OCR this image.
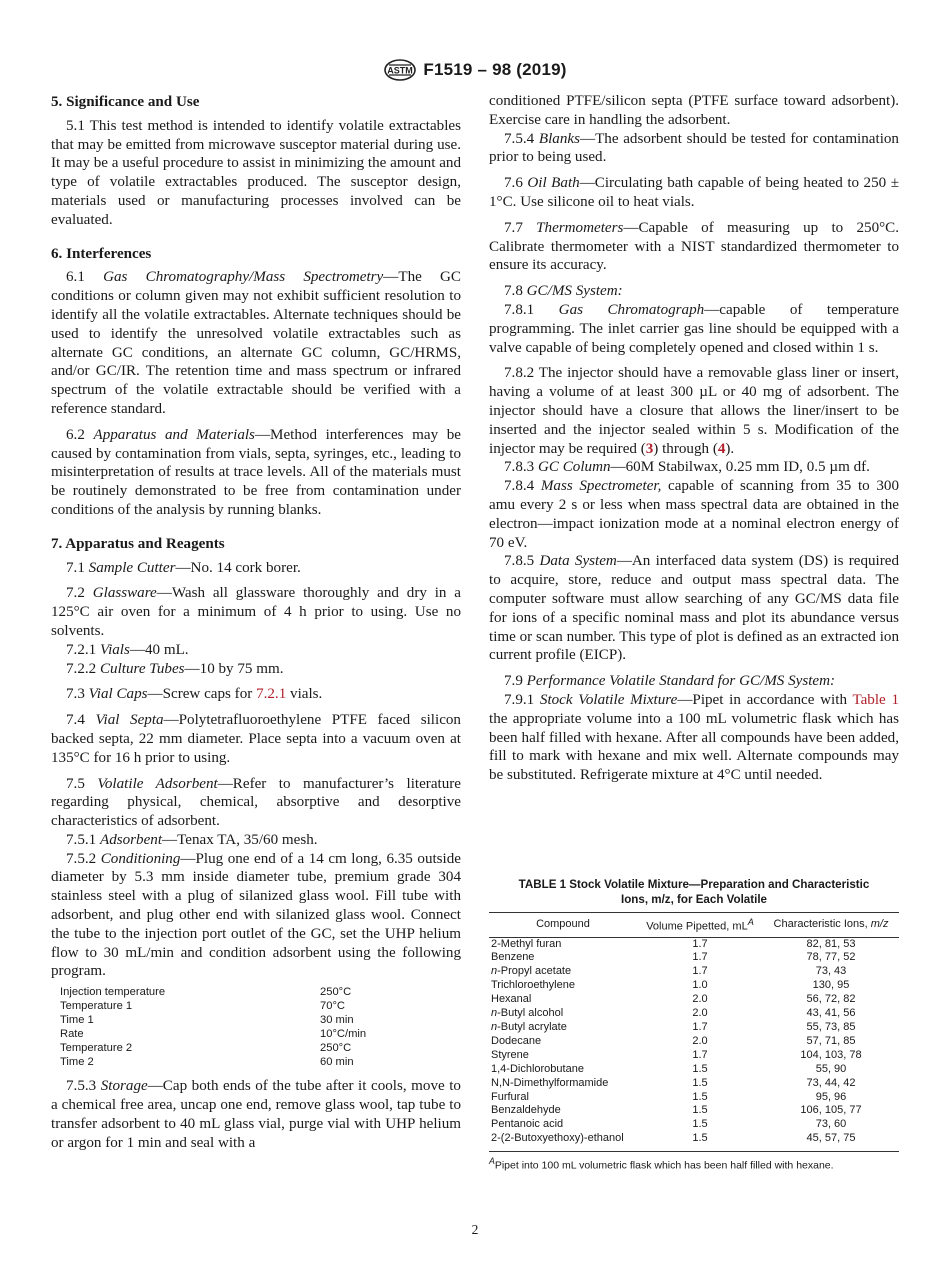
ASTM F1519 – 98 (2019)
5. Significance and Use

5.1 This test method is intended to identify volatile extractables that may be emitted from microwave susceptor material during use. It may be a useful procedure to assist in minimizing the amount and type of volatile extractables produced. The susceptor design, materials used or manufacturing processes involved can be evaluated.

6. Interferences

6.1 Gas Chromatography/Mass Spectrometry—The GC conditions or column given may not exhibit sufficient resolution to identify all the volatile extractables. Alternate techniques should be used to identify the unresolved volatile extractables such as alternate GC conditions, an alternate GC column, GC/HRMS, and/or GC/IR. The retention time and mass spectrum or infrared spectrum of the volatile extractable should be verified with a reference standard.

6.2 Apparatus and Materials—Method interferences may be caused by contamination from vials, septa, syringes, etc., leading to misinterpretation of results at trace levels. All of the materials must be routinely demonstrated to be free from contamination under conditions of the analysis by running blanks.

7. Apparatus and Reagents

7.1 Sample Cutter—No. 14 cork borer.

7.2 Glassware—Wash all glassware thoroughly and dry in a 125°C air oven for a minimum of 4 h prior to using. Use no solvents.

7.2.1 Vials—40 mL.

7.2.2 Culture Tubes—10 by 75 mm.

7.3 Vial Caps—Screw caps for 7.2.1 vials.

7.4 Vial Septa—Polytetrafluoroethylene PTFE faced silicon backed septa, 22 mm diameter. Place septa into a vacuum oven at 135°C for 16 h prior to using.

7.5 Volatile Adsorbent—Refer to manufacturer’s literature regarding physical, chemical, absorptive and desorptive characteristics of adsorbent.

7.5.1 Adsorbent—Tenax TA, 35/60 mesh.

7.5.2 Conditioning—Plug one end of a 14 cm long, 6.35 outside diameter by 5.3 mm inside diameter tube, premium grade 304 stainless steel with a plug of silanized glass wool. Fill tube with adsorbent, and plug other end with silanized glass wool. Connect the tube to the injection port outlet of the GC, set the UHP helium flow to 30 mL/min and condition adsorbent using the following program.

Injection temperature	250°C
Temperature 1	70°C
Time 1	30 min
Rate	10°C/min
Temperature 2	250°C
Time 2	60 min

7.5.3 Storage—Cap both ends of the tube after it cools, move to a chemical free area, uncap one end, remove glass wool, tap tube to transfer adsorbent to 40 mL glass vial, purge vial with UHP helium or argon for 1 min and seal with a

conditioned PTFE/silicon septa (PTFE surface toward adsorbent). Exercise care in handling the adsorbent.

7.5.4 Blanks—The adsorbent should be tested for contamination prior to being used.

7.6 Oil Bath—Circulating bath capable of being heated to 250 ± 1°C. Use silicone oil to heat vials.

7.7 Thermometers—Capable of measuring up to 250°C. Calibrate thermometer with a NIST standardized thermometer to ensure its accuracy.

7.8 GC/MS System:

7.8.1 Gas Chromatograph—capable of temperature programming. The inlet carrier gas line should be equipped with a valve capable of being completely opened and closed within 1 s.

7.8.2 The injector should have a removable glass liner or insert, having a volume of at least 300 µL or 40 mg of adsorbent. The injector should have a closure that allows the liner/insert to be inserted and the injector sealed within 5 s. Modification of the injector may be required (3) through (4).

7.8.3 GC Column—60M Stabilwax, 0.25 mm ID, 0.5 µm df.

7.8.4 Mass Spectrometer, capable of scanning from 35 to 300 amu every 2 s or less when mass spectral data are obtained in the electron—impact ionization mode at a nominal electron energy of 70 eV.

7.8.5 Data System—An interfaced data system (DS) is required to acquire, store, reduce and output mass spectral data. The computer software must allow searching of any GC/MS data file for ions of a specific nominal mass and plot its abundance versus time or scan number. This type of plot is defined as an extracted ion current profile (EICP).

7.9 Performance Volatile Standard for GC/MS System:

7.9.1 Stock Volatile Mixture—Pipet in accordance with Table 1 the appropriate volume into a 100 mL volumetric flask which has been half filled with hexane. After all compounds have been added, fill to mark with hexane and mix well. Alternate compounds may be substituted. Refrigerate mixture at 4°C until needed.

TABLE 1 Stock Volatile Mixture—Preparation and Characteristic
Ions, m/z, for Each Volatile
Compound	Volume Pipetted, $mL^A$	Characteristic Ions, m/z
2-Methyl furan	1.7	82, 81, 53
Benzene	1.7	78, 77, 52
n-Propyl acetate	1.7	73, 43
Trichloroethylene	1.0	130, 95
Hexanal	2.0	56, 72, 82
n-Butyl alcohol	2.0	43, 41, 56
n-Butyl acrylate	1.7	55, 73, 85
Dodecane	2.0	57, 71, 85
Styrene	1.7	104, 103, 78
1,4-Dichlorobutane	1.5	55, 90
N,N-Dimethylformamide	1.5	73, 44, 42
Furfural	1.5	95, 96
Benzaldehyde	1.5	106, 105, 77
Pentanoic acid	1.5	73, 60
2-(2-Butoxyethoxy)-ethanol	1.5	45, 57, 75
$^A$Pipet into 100 mL volumetric flask which has been half filled with hexane.
2
